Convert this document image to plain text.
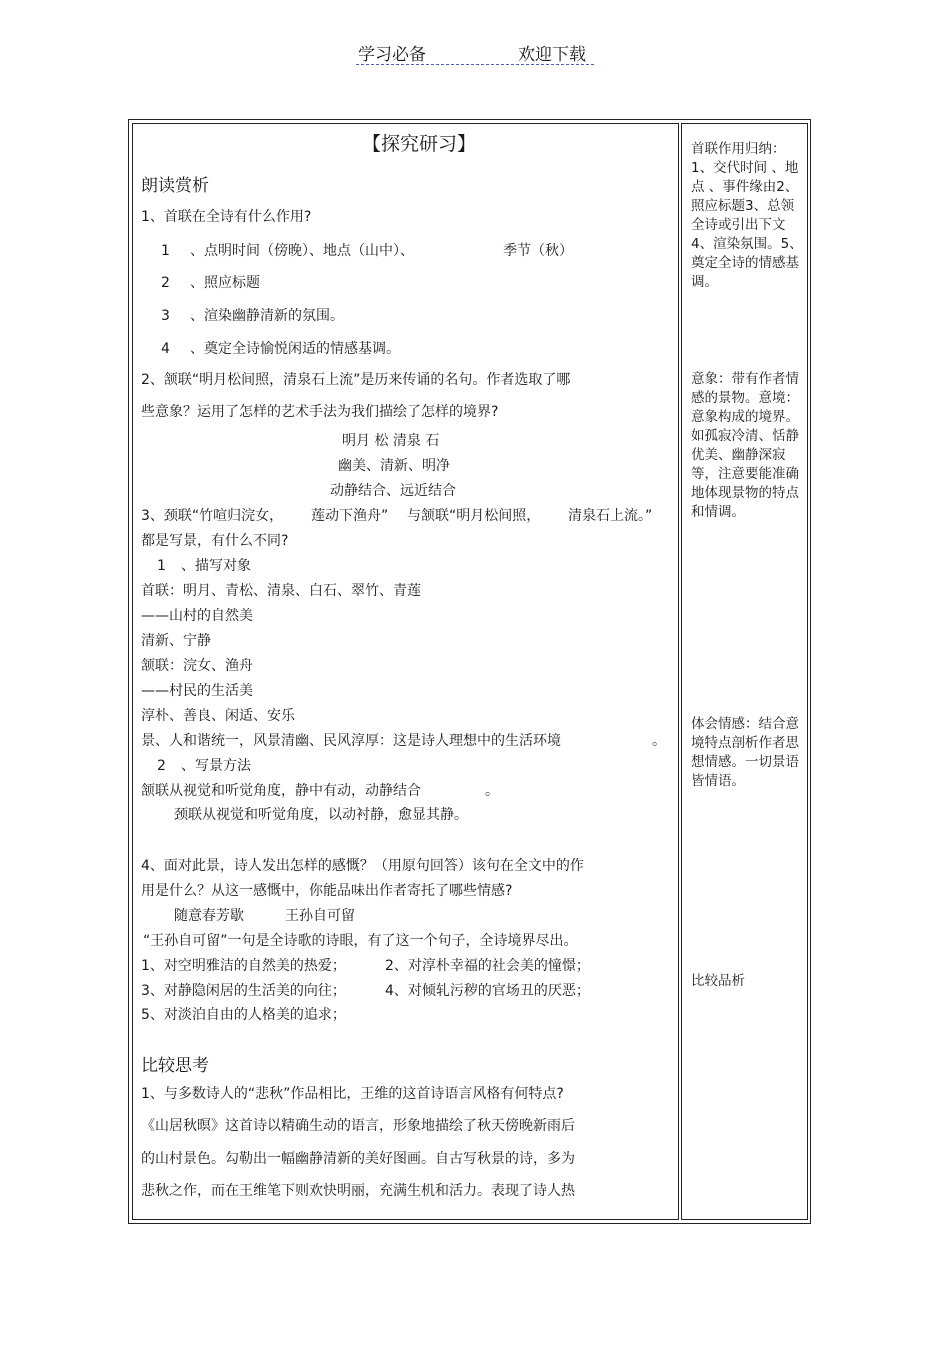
学习必备	欢迎下载
【探究研习】
朗读赏析
1、首联在全诗有什么作用?
1 、点明时间（傍晚）、地点（山中）、	季节（秋）
2 、照应标题
3 、渲染幽静清新的氛围。
4 、奠定全诗愉悦闲适的情感基调。
2、颔联“明月松间照，清泉石上流”是历来传诵的名句。作者选取了哪
些意象？运用了怎样的艺术手法为我们描绘了怎样的境界?
明月 松 清泉 石
幽美、清新、明净
动静结合、远近结合
3、颈联“竹喧归浣女， 莲动下渔舟” 与颔联“明月松间照， 清泉石上流。”
都是写景，有什么不同?
1 、描写对象
首联：明月、青松、清泉、白石、翠竹、青莲
——山村的自然美
清新、宁静
颔联：浣女、渔舟
——村民的生活美
淳朴、善良、闲适、安乐
景、人和谐统一，风景清幽、民风淳厚：这是诗人理想中的生活环境	。
2 、写景方法
颔联从视觉和听觉角度，静中有动，动静结合	。
颈联从视觉和听觉角度，以动衬静，愈显其静。
4、面对此景，诗人发出怎样的感慨？（用原句回答）该句在全文中的作
用是什么？从这一感慨中，你能品味出作者寄托了哪些情感?
随意春芳歇	王孙自可留
“王孙自可留”一句是全诗歌的诗眼，有了这一个句子，全诗境界尽出。
1、对空明雅洁的自然美的热爱；	2、对淳朴幸福的社会美的憧憬；
3、对静隐闲居的生活美的向往；	4、对倾轧污秽的官场丑的厌恶；
5、对淡泊自由的人格美的追求；
比较思考
1、与多数诗人的“悲秋”作品相比，王维的这首诗语言风格有何特点?
《山居秋暝》这首诗以精确生动的语言，形象地描绘了秋天傍晚新雨后
的山村景色。勾勒出一幅幽静清新的美好图画。自古写秋景的诗，多为
悲秋之作，而在王维笔下则欢快明丽，充满生机和活力。表现了诗人热

首联作用归纳：1、交代时间 、地点 、事件缘由2、照应标题3、总领全诗或引出下文4、渲染氛围。5、奠定全诗的情感基调。

意象：带有作者情感的景物。意境：意象构成的境界。如孤寂冷清、恬静优美、幽静深寂等，注意要能准确地体现景物的特点和情调。

体会情感：结合意境特点剖析作者思想情感。一切景语皆情语。

比较品析
